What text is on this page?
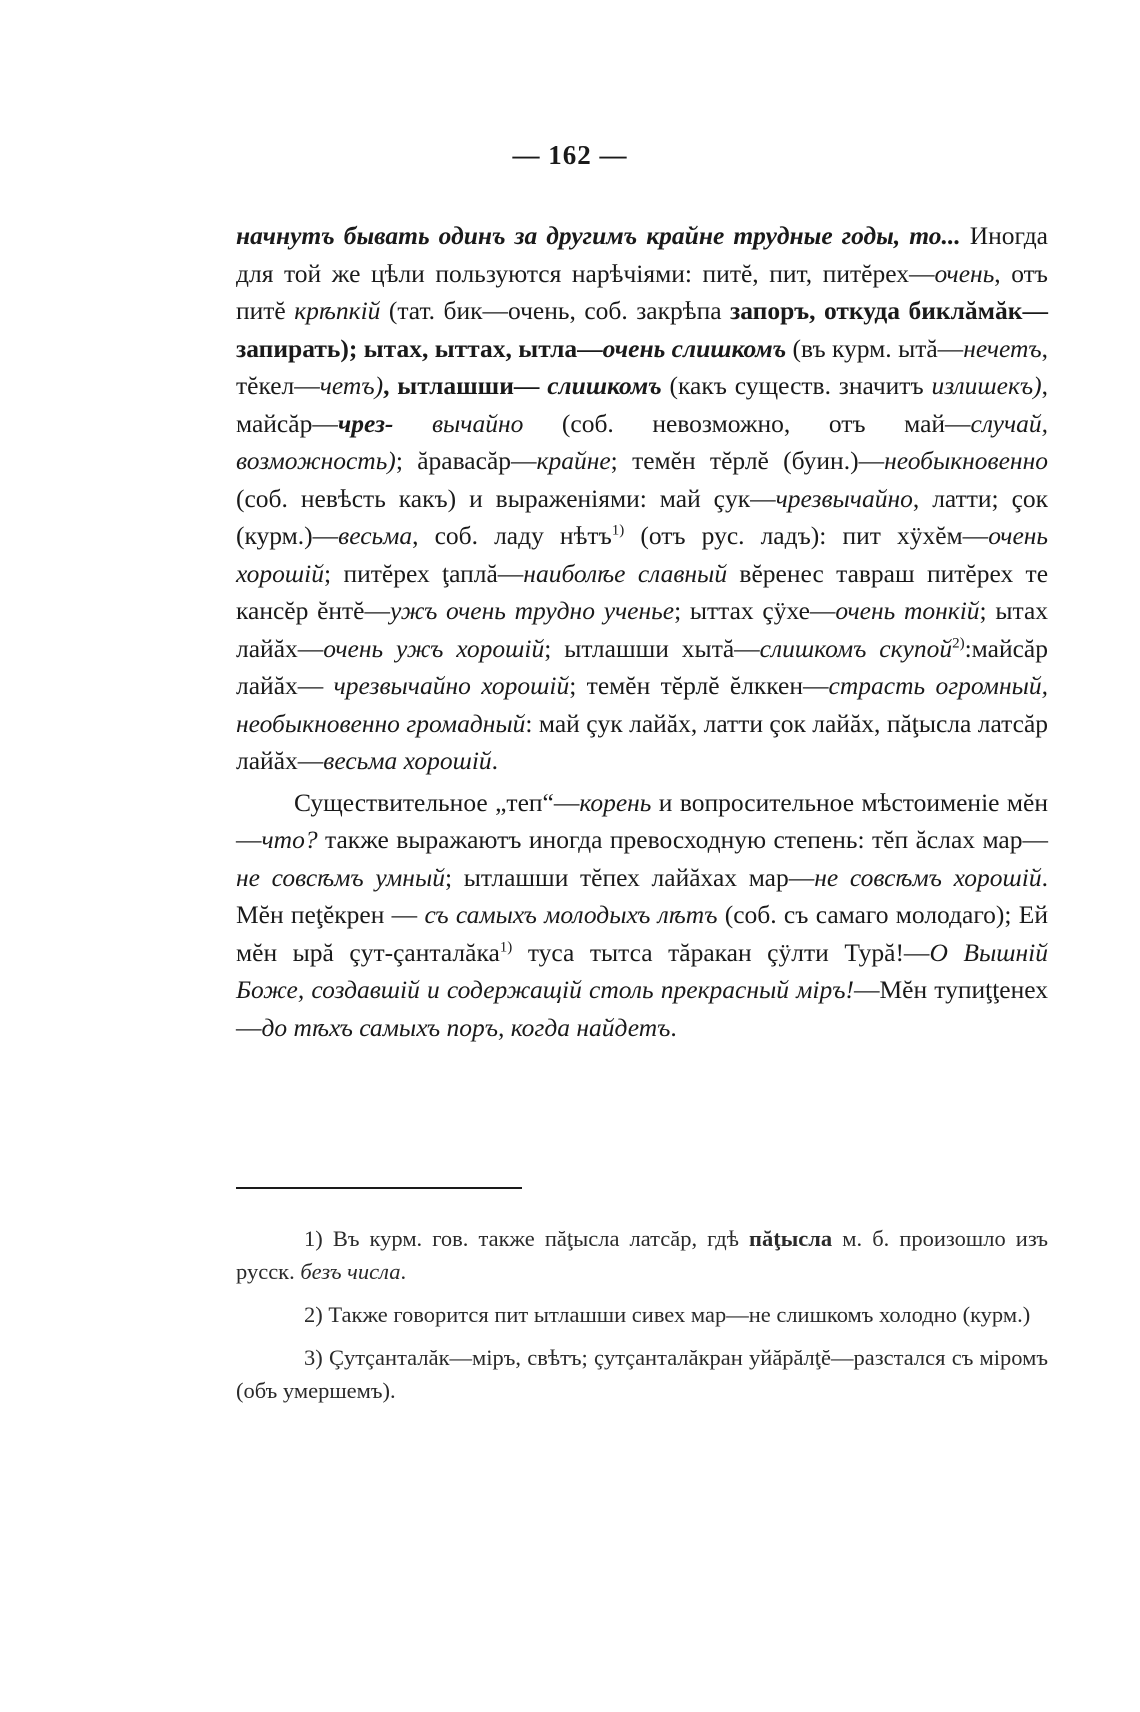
— 162 —

начнутъ бывать одинъ за другимъ крайне трудные годы, то... Иногда для той же цѣли пользуются нарѣчіями: питĕ, пит, питĕрех—очень, отъ питĕ крѣпкій (тат. бик—очень, соб. закрѣпа запоръ, откуда биклăмăк—запирать); ытах, ыттах, ытла—очень слишкомъ (въ курм. ытă—нечетъ, тĕкел—четъ), ытлашши— слишкомъ (какъ существ. значитъ излишекъ), майсăр—чрез- вычайно (соб. невозможно, отъ май—случай, возможность); ăравасăр—крайне; темĕн тĕрлĕ (буин.)—необыкновенно (соб. невѣсть какъ) и выраженіями: май çук—чрезвычайно, латти; çок (курм.)—весьма, соб. ладу нѣтъ$^{1)}$ (отъ рус. ладъ): пит хÿхĕм—очень хорошій; питĕрех ţаплă—наиболѣе славный вĕренес тавраш питĕрех те кансĕр ĕнтĕ—ужъ очень трудно ученье; ыттах çÿхе—очень тонкій; ытах лайăх—очень ужъ хорошій; ытлашши хытă—слишкомъ скупой$^{2)}$:майсăр лайăх— чрезвычайно хорошій; темĕн тĕрлĕ ĕлккен—страсть огромный, необыкновенно громадный: май çук лайăх, латти çок лайăх, пăţысла латсăр лайăх—весьма хорошій.

Существительное „теп“—корень и вопросительное мѣстоименіе мĕн—что? также выражаютъ иногда превосходную степень: тĕп ăслах мар—не совсѣмъ умный; ытлашши тĕпех лайăхах мар—не совсѣмъ хорошій. Мĕн пеţĕкрен — съ самыхъ молодыхъ лѣтъ (соб. съ самаго молодаго); Ей мĕн ырă çут-çанталăка$^{1)}$ туса тытса тăракан çÿлти Турă!—О Вышній Боже, создавшій и содержащій столь прекрасный міръ!—Мĕн тупиţţенех—до тѣхъ самыхъ поръ, когда найдетъ.

1) Въ курм. гов. также пăţысла латсăр, гдѣ пăţысла м. б. произошло изъ русск. безъ числа.

2) Также говорится пит ытлашши сивех мар—не слишкомъ холодно (курм.)

3) Çутçанталăк—міръ, свѣтъ; çутçанталăкран уйăрăлţĕ—разстался съ міромъ (объ умершемъ).
